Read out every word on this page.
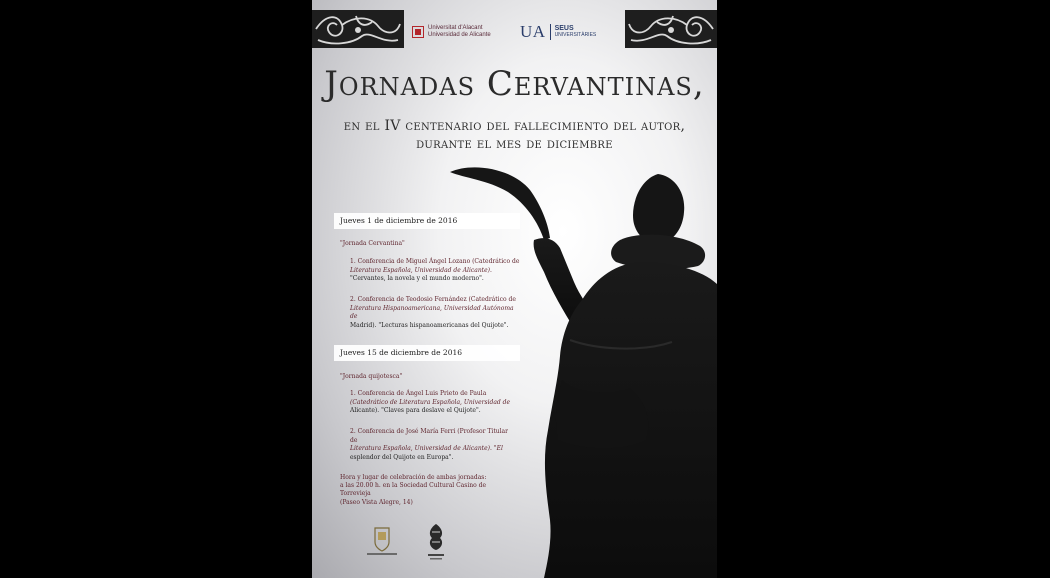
Universitat d'Alacant
Universidad de Alicante UA SEUS
UNIVERSITÀRIES
Jornadas Cervantinas,
en el IV centenario del fallecimiento del autor,
durante el mes de diciembre
Jueves 1 de diciembre de 2016
"Jornada Cervantina"
1. Conferencia de Miguel Ángel Lozano (Catedrático de
Literatura Española, Universidad de Alicante).
"Cervantes, la novela y el mundo moderno".
2. Conferencia de Teodosio Fernández (Catedrático de
Literatura Hispanoamericana, Universidad Autónoma de
Madrid). "Lecturas hispanoamericanas del Quijote".
Jueves 15 de diciembre de 2016
"Jornada quijotesca"
1. Conferencia de Ángel Luis Prieto de Paula
(Catedrático de Literatura Española, Universidad de
Alicante). "Claves para deslave el Quijote".
2. Conferencia de José María Ferri (Profesor Titular de
Literatura Española, Universidad de Alicante). "El
esplendor del Quijote en Europa".
Hora y lugar de celebración de ambas jornadas:
a las 20.00 h. en la Sociedad Cultural Casino de Torrevieja
(Paseo Vista Alegre, 14)
